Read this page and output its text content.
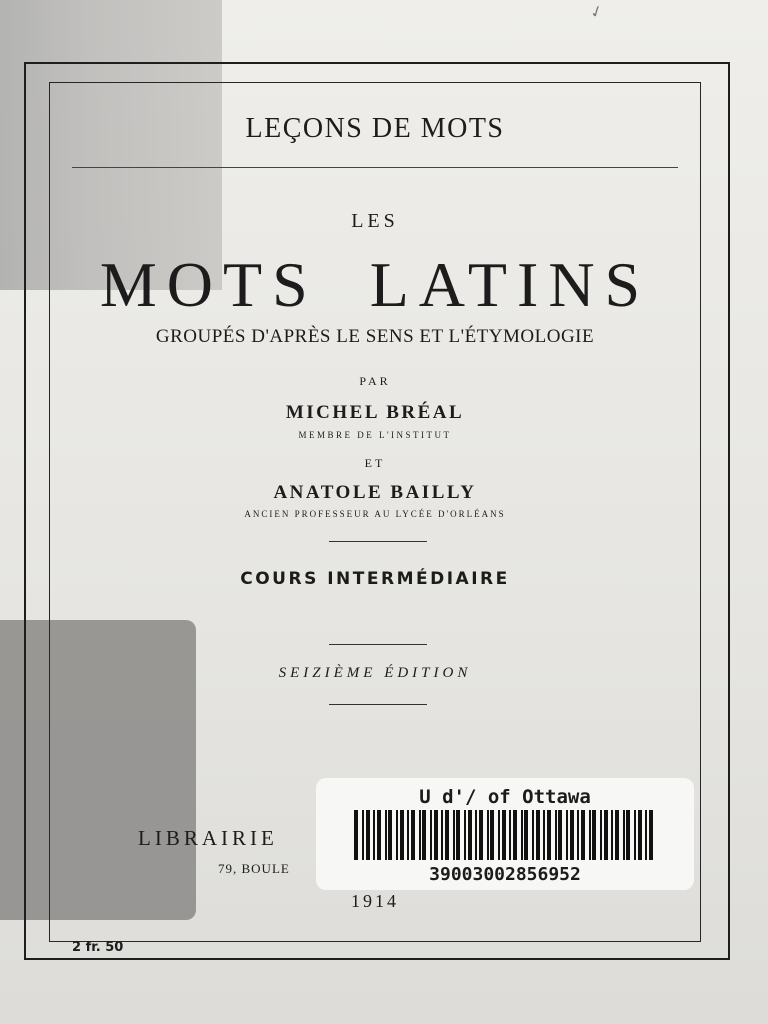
✓

LEÇONS DE MOTS

LES

MOTS LATINS

GROUPÉS D'APRÈS LE SENS ET L'ÉTYMOLOGIE

PAR

MICHEL BRÉAL

MEMBRE DE L'INSTITUT

ET

ANATOLE BAILLY

ANCIEN PROFESSEUR AU LYCÉE D'ORLÉANS

COURS INTERMÉDIAIRE

SEIZIÈME ÉDITION

LIBRAIRIE

79, BOULE

1914

2 fr. 50

U d'/ of Ottawa

39003002856952
